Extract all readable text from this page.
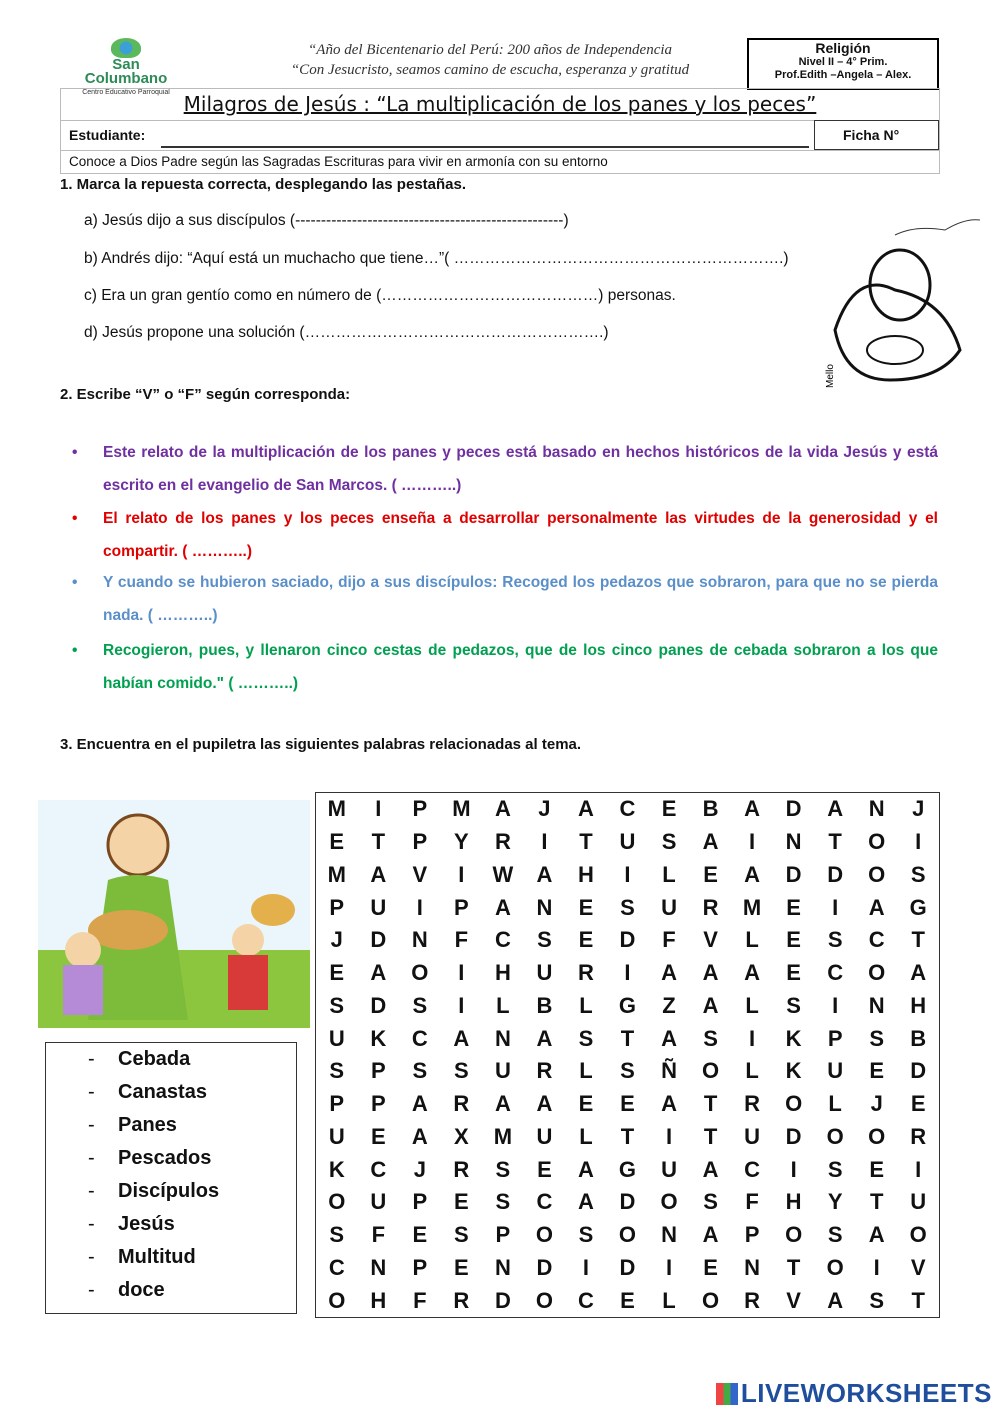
San Columbano
Centro Educativo Parroquial
“Año del Bicentenario del Perú: 200 años de Independencia
“Con Jesucristo, seamos camino de escucha, esperanza y gratitud
Religión
Nivel II – 4° Prim.
Prof.Edith –Angela – Alex.
Milagros de Jesús : “La multiplicación de los panes y los peces”
Estudiante:	Ficha N°
Conoce a Dios Padre según las Sagradas Escrituras para vivir en armonía con su entorno
1. Marca la repuesta correcta, desplegando las pestañas.
a) Jesús dijo a sus discípulos (----------------------------------------------------)
b) Andrés dijo: “Aquí está un muchacho que tiene…”( ……………………………………………………….)
c) Era un gran gentío como en número de (……………………………………) personas.
d) Jesús propone una solución (………………………………………………….)
Mello
2. Escribe “V” o “F” según corresponda:
• Este relato de la multiplicación de los panes y peces está basado en hechos históricos de la vida Jesús y está escrito en el evangelio de San Marcos. ( ………..)
• El relato de los panes y los peces enseña a desarrollar personalmente las virtudes de la generosidad y el compartir. ( ………..)
• Y cuando se hubieron saciado, dijo a sus discípulos: Recoged los pedazos que sobraron, para que no se pierda nada. ( ………..)
• Recogieron, pues, y llenaron cinco cestas de pedazos, que de los cinco panes de cebada sobraron a los que habían comido." ( ………..)
3. Encuentra en el pupiletra las siguientes palabras relacionadas al tema.
- Cebada
- Canastas
- Panes
- Pescados
- Discípulos
- Jesús
- Multitud
- doce
M	I	P	M	A	J	A	C	E	B	A	D	A	N	J
E	T	P	Y	R	I	T	U	S	A	I	N	T	O	I
M	A	V	I	W	A	H	I	L	E	A	D	D	O	S
P	U	I	P	A	N	E	S	U	R	M	E	I	A	G
J	D	N	F	C	S	E	D	F	V	L	E	S	C	T
E	A	O	I	H	U	R	I	A	A	A	E	C	O	A
S	D	S	I	L	B	L	G	Z	A	L	S	I	N	H
U	K	C	A	N	A	S	T	A	S	I	K	P	S	B
S	P	S	S	U	R	L	S	Ñ	O	L	K	U	E	D
P	P	A	R	A	A	E	E	A	T	R	O	L	J	E
U	E	A	X	M	U	L	T	I	T	U	D	O	O	R
K	C	J	R	S	E	A	G	U	A	C	I	S	E	I
O	U	P	E	S	C	A	D	O	S	F	H	Y	T	U
S	F	E	S	P	O	S	O	N	A	P	O	S	A	O
C	N	P	E	N	D	I	D	I	E	N	T	O	I	V
O	H	F	R	D	O	C	E	L	O	R	V	A	S	T
LIVEWORKSHEETS
